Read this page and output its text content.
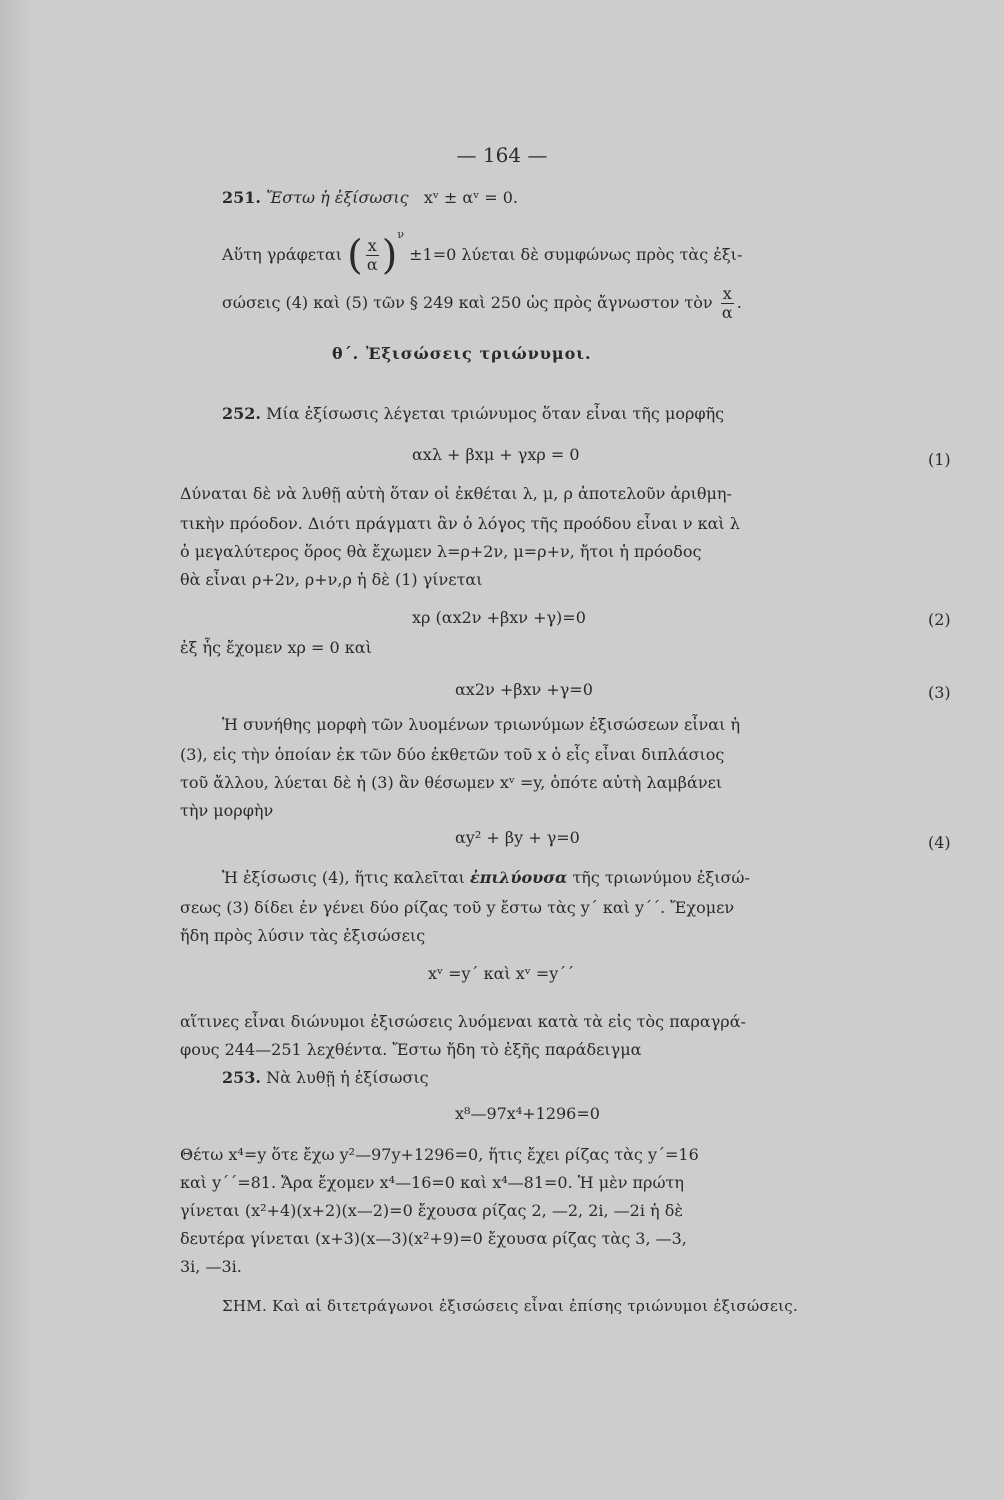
— 164 —
251. Ἔστω ἡ ἐξίσωσις xᵛ ± αᵛ = 0.
Αὕτη γράφεται ( $\frac{x}{\alpha} )^\nu \pm 1=0$ λύεται δὲ συμφώνως πρὸς τὰς ἐξι-
σώσεις (4) καὶ (5) τῶν § 249 καὶ 250 ὡς πρὸς ἄγνωστον τὸν $\frac{x}{\alpha}$ .
θ΄. Ἐξισώσεις τριώνυμοι.
252. Μία ἐξίσωσις λέγεται τριώνυμος ὅταν εἶναι τῆς μορφῆς
αxλ + βxμ + γxρ = 0	(1)
Δύναται δὲ νὰ λυθῇ αὐτὴ ὅταν οἱ ἐκθέται λ, μ, ρ ἀποτελοῦν ἀριθμη-
τικὴν πρόοδον. Διότι πράγματι ἂν ὁ λόγος τῆς προόδου εἶναι ν καὶ λ
ὁ μεγαλύτερος ὅρος θὰ ἔχωμεν λ=ρ+2ν, μ=ρ+ν, ἤτοι ἡ πρόοδος
θὰ εἶναι ρ+2ν, ρ+ν,ρ ἡ δὲ (1) γίνεται
xρ (αx2ν +βxν +γ)=0	(2)
ἐξ ἧς ἔχομεν xρ = 0 καὶ
αx2ν +βxν +γ=0	(3)
Ἡ συνήθης μορφὴ τῶν λυομένων τριωνύμων ἐξισώσεων εἶναι ἡ
(3), εἰς τὴν ὁποίαν ἐκ τῶν δύο ἐκθετῶν τοῦ x ὁ εἷς εἶναι διπλάσιος
τοῦ ἄλλου, λύεται δὲ ἡ (3) ἂν θέσωμεν xᵛ =y, ὁπότε αὐτὴ λαμβάνει
τὴν μορφὴν
αy² + βy + γ=0	(4)
Ἡ ἐξίσωσις (4), ἥτις καλεῖται ἐπιλύουσα τῆς τριωνύμου ἐξισώ-
σεως (3) δίδει ἐν γένει δύο ρίζας τοῦ y ἔστω τὰς y΄ καὶ y΄΄. Ἔχομεν
ἤδη πρὸς λύσιν τὰς ἐξισώσεις
xᵛ =y΄ καὶ xᵛ =y΄΄
αἵτινες εἶναι διώνυμοι ἐξισώσεις λυόμεναι κατὰ τὰ εἰς τὸς παραγρά-
φους 244—251 λεχθέντα. Ἔστω ἤδη τὸ ἑξῆς παράδειγμα
253. Νὰ λυθῇ ἡ ἐξίσωσις
x⁸—97x⁴+1296=0
Θέτω x⁴=y ὅτε ἔχω y²—97y+1296=0, ἥτις ἔχει ρίζας τὰς y΄=16
καὶ y΄΄=81. Ἄρα ἔχομεν x⁴—16=0 καὶ x⁴—81=0. Ἡ μὲν πρώτη
γίνεται (x²+4)(x+2)(x—2)=0 ἔχουσα ρίζας 2, —2, 2i, —2i ἡ δὲ
δευτέρα γίνεται (x+3)(x—3)(x²+9)=0 ἔχουσα ρίζας τὰς 3, —3,
3i, —3i.
ΣΗΜ. Καὶ αἱ διτετράγωνοι ἐξισώσεις εἶναι ἐπίσης τριώνυμοι ἐξισώσεις.
